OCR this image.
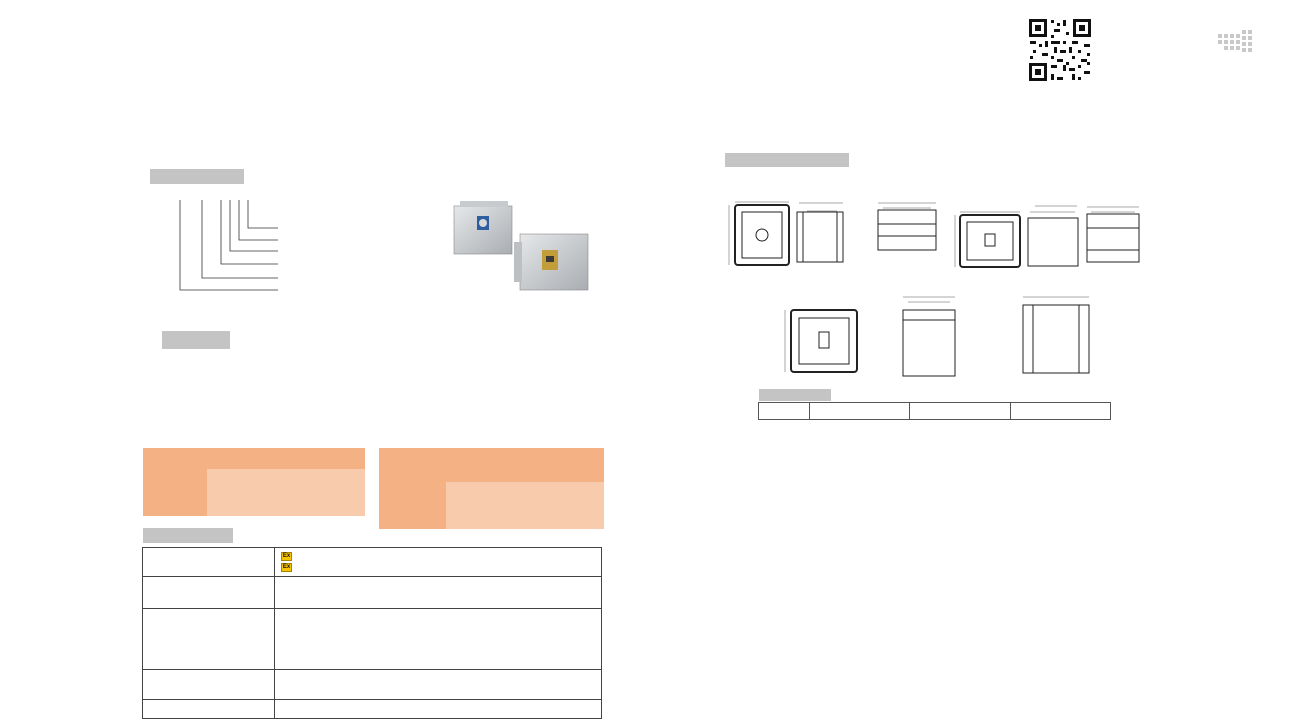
	Ex
Ex
